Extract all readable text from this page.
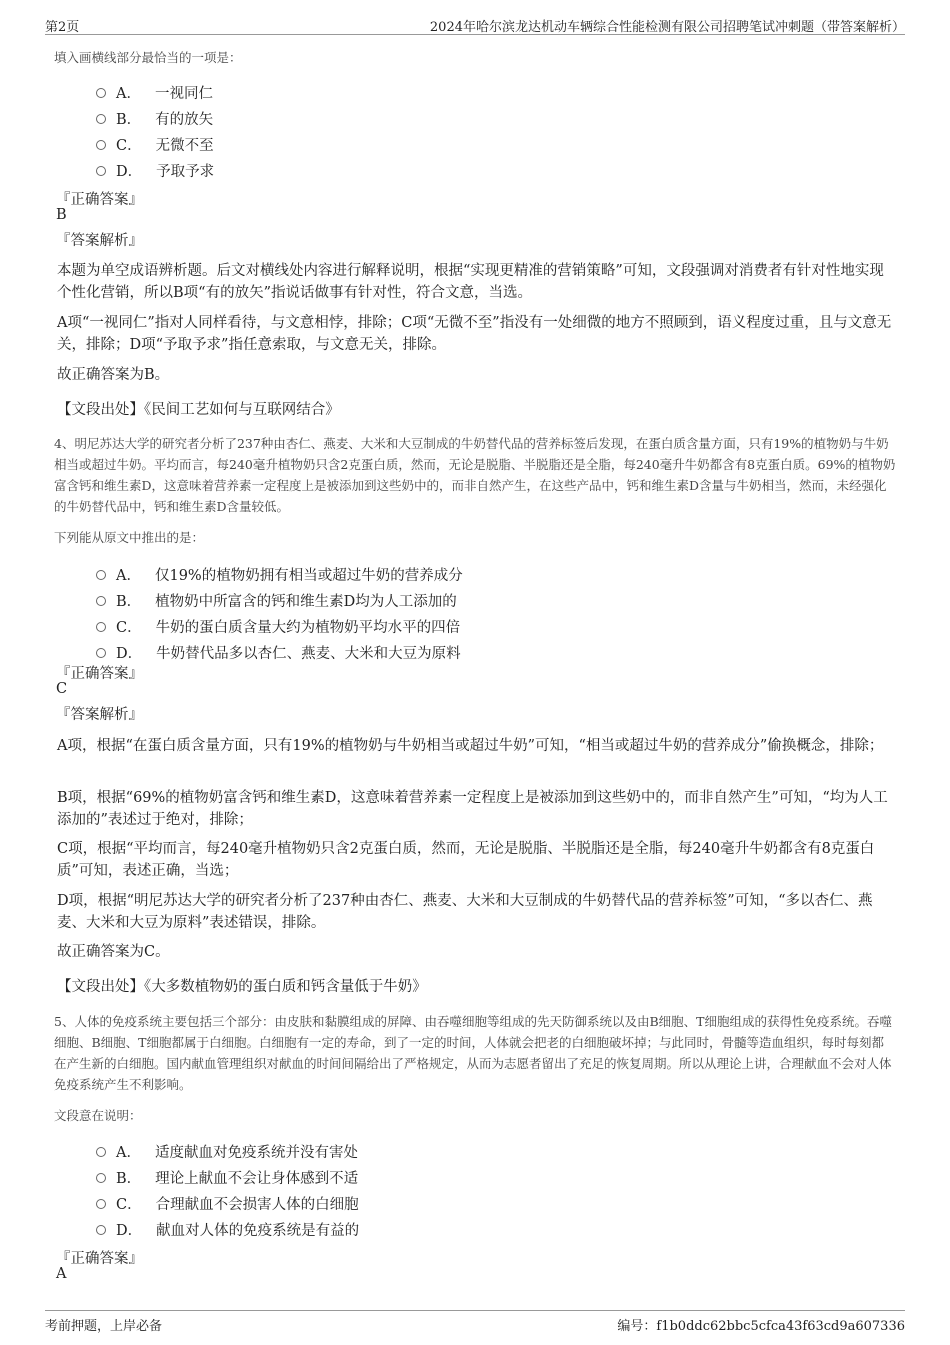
第2页	2024年哈尔滨龙达机动车辆综合性能检测有限公司招聘笔试冲刺题（带答案解析）
填入画横线部分最恰当的一项是：
A． 一视同仁
B． 有的放矢
C． 无微不至
D． 予取予求
『正确答案』
B
『答案解析』
本题为单空成语辨析题。后文对横线处内容进行解释说明，根据“实现更精准的营销策略”可知，文段强调对消费者有针对性地实现个性化营销，所以B项“有的放矢”指说话做事有针对性，符合文意，当选。
A项“一视同仁”指对人同样看待，与文意相悖，排除；C项“无微不至”指没有一处细微的地方不照顾到，语义程度过重，且与文意无关，排除；D项“予取予求”指任意索取，与文意无关，排除。
故正确答案为B。
【文段出处】《民间工艺如何与互联网结合》
4、明尼苏达大学的研究者分析了237种由杏仁、燕麦、大米和大豆制成的牛奶替代品的营养标签后发现，在蛋白质含量方面，只有19%的植物奶与牛奶相当或超过牛奶。平均而言，每240毫升植物奶只含2克蛋白质，然而，无论是脱脂、半脱脂还是全脂，每240毫升牛奶都含有8克蛋白质。69%的植物奶富含钙和维生素D，这意味着营养素一定程度上是被添加到这些奶中的，而非自然产生，在这些产品中，钙和维生素D含量与牛奶相当，然而，未经强化的牛奶替代品中，钙和维生素D含量较低。
下列能从原文中推出的是：
A． 仅19%的植物奶拥有相当或超过牛奶的营养成分
B． 植物奶中所富含的钙和维生素D均为人工添加的
C． 牛奶的蛋白质含量大约为植物奶平均水平的四倍
D． 牛奶替代品多以杏仁、燕麦、大米和大豆为原料
『正确答案』
C
『答案解析』
A项，根据“在蛋白质含量方面，只有19%的植物奶与牛奶相当或超过牛奶”可知，“相当或超过牛奶的营养成分”偷换概念，排除；
B项，根据“69%的植物奶富含钙和维生素D，这意味着营养素一定程度上是被添加到这些奶中的，而非自然产生”可知，“均为人工添加的”表述过于绝对，排除；
C项，根据“平均而言，每240毫升植物奶只含2克蛋白质，然而，无论是脱脂、半脱脂还是全脂，每240毫升牛奶都含有8克蛋白质”可知，表述正确，当选；
D项，根据“明尼苏达大学的研究者分析了237种由杏仁、燕麦、大米和大豆制成的牛奶替代品的营养标签”可知，“多以杏仁、燕麦、大米和大豆为原料”表述错误，排除。
故正确答案为C。
【文段出处】《大多数植物奶的蛋白质和钙含量低于牛奶》
5、人体的免疫系统主要包括三个部分：由皮肤和黏膜组成的屏障、由吞噬细胞等组成的先天防御系统以及由B细胞、T细胞组成的获得性免疫系统。吞噬细胞、B细胞、T细胞都属于白细胞。白细胞有一定的寿命，到了一定的时间，人体就会把老的白细胞破坏掉；与此同时，骨髓等造血组织，每时每刻都在产生新的白细胞。国内献血管理组织对献血的时间间隔给出了严格规定，从而为志愿者留出了充足的恢复周期。所以从理论上讲，合理献血不会对人体免疫系统产生不利影响。
文段意在说明：
A． 适度献血对免疫系统并没有害处
B． 理论上献血不会让身体感到不适
C． 合理献血不会损害人体的白细胞
D． 献血对人体的免疫系统是有益的
『正确答案』
A
考前押题，上岸必备	编号：f1b0ddc62bbc5cfca43f63cd9a607336
